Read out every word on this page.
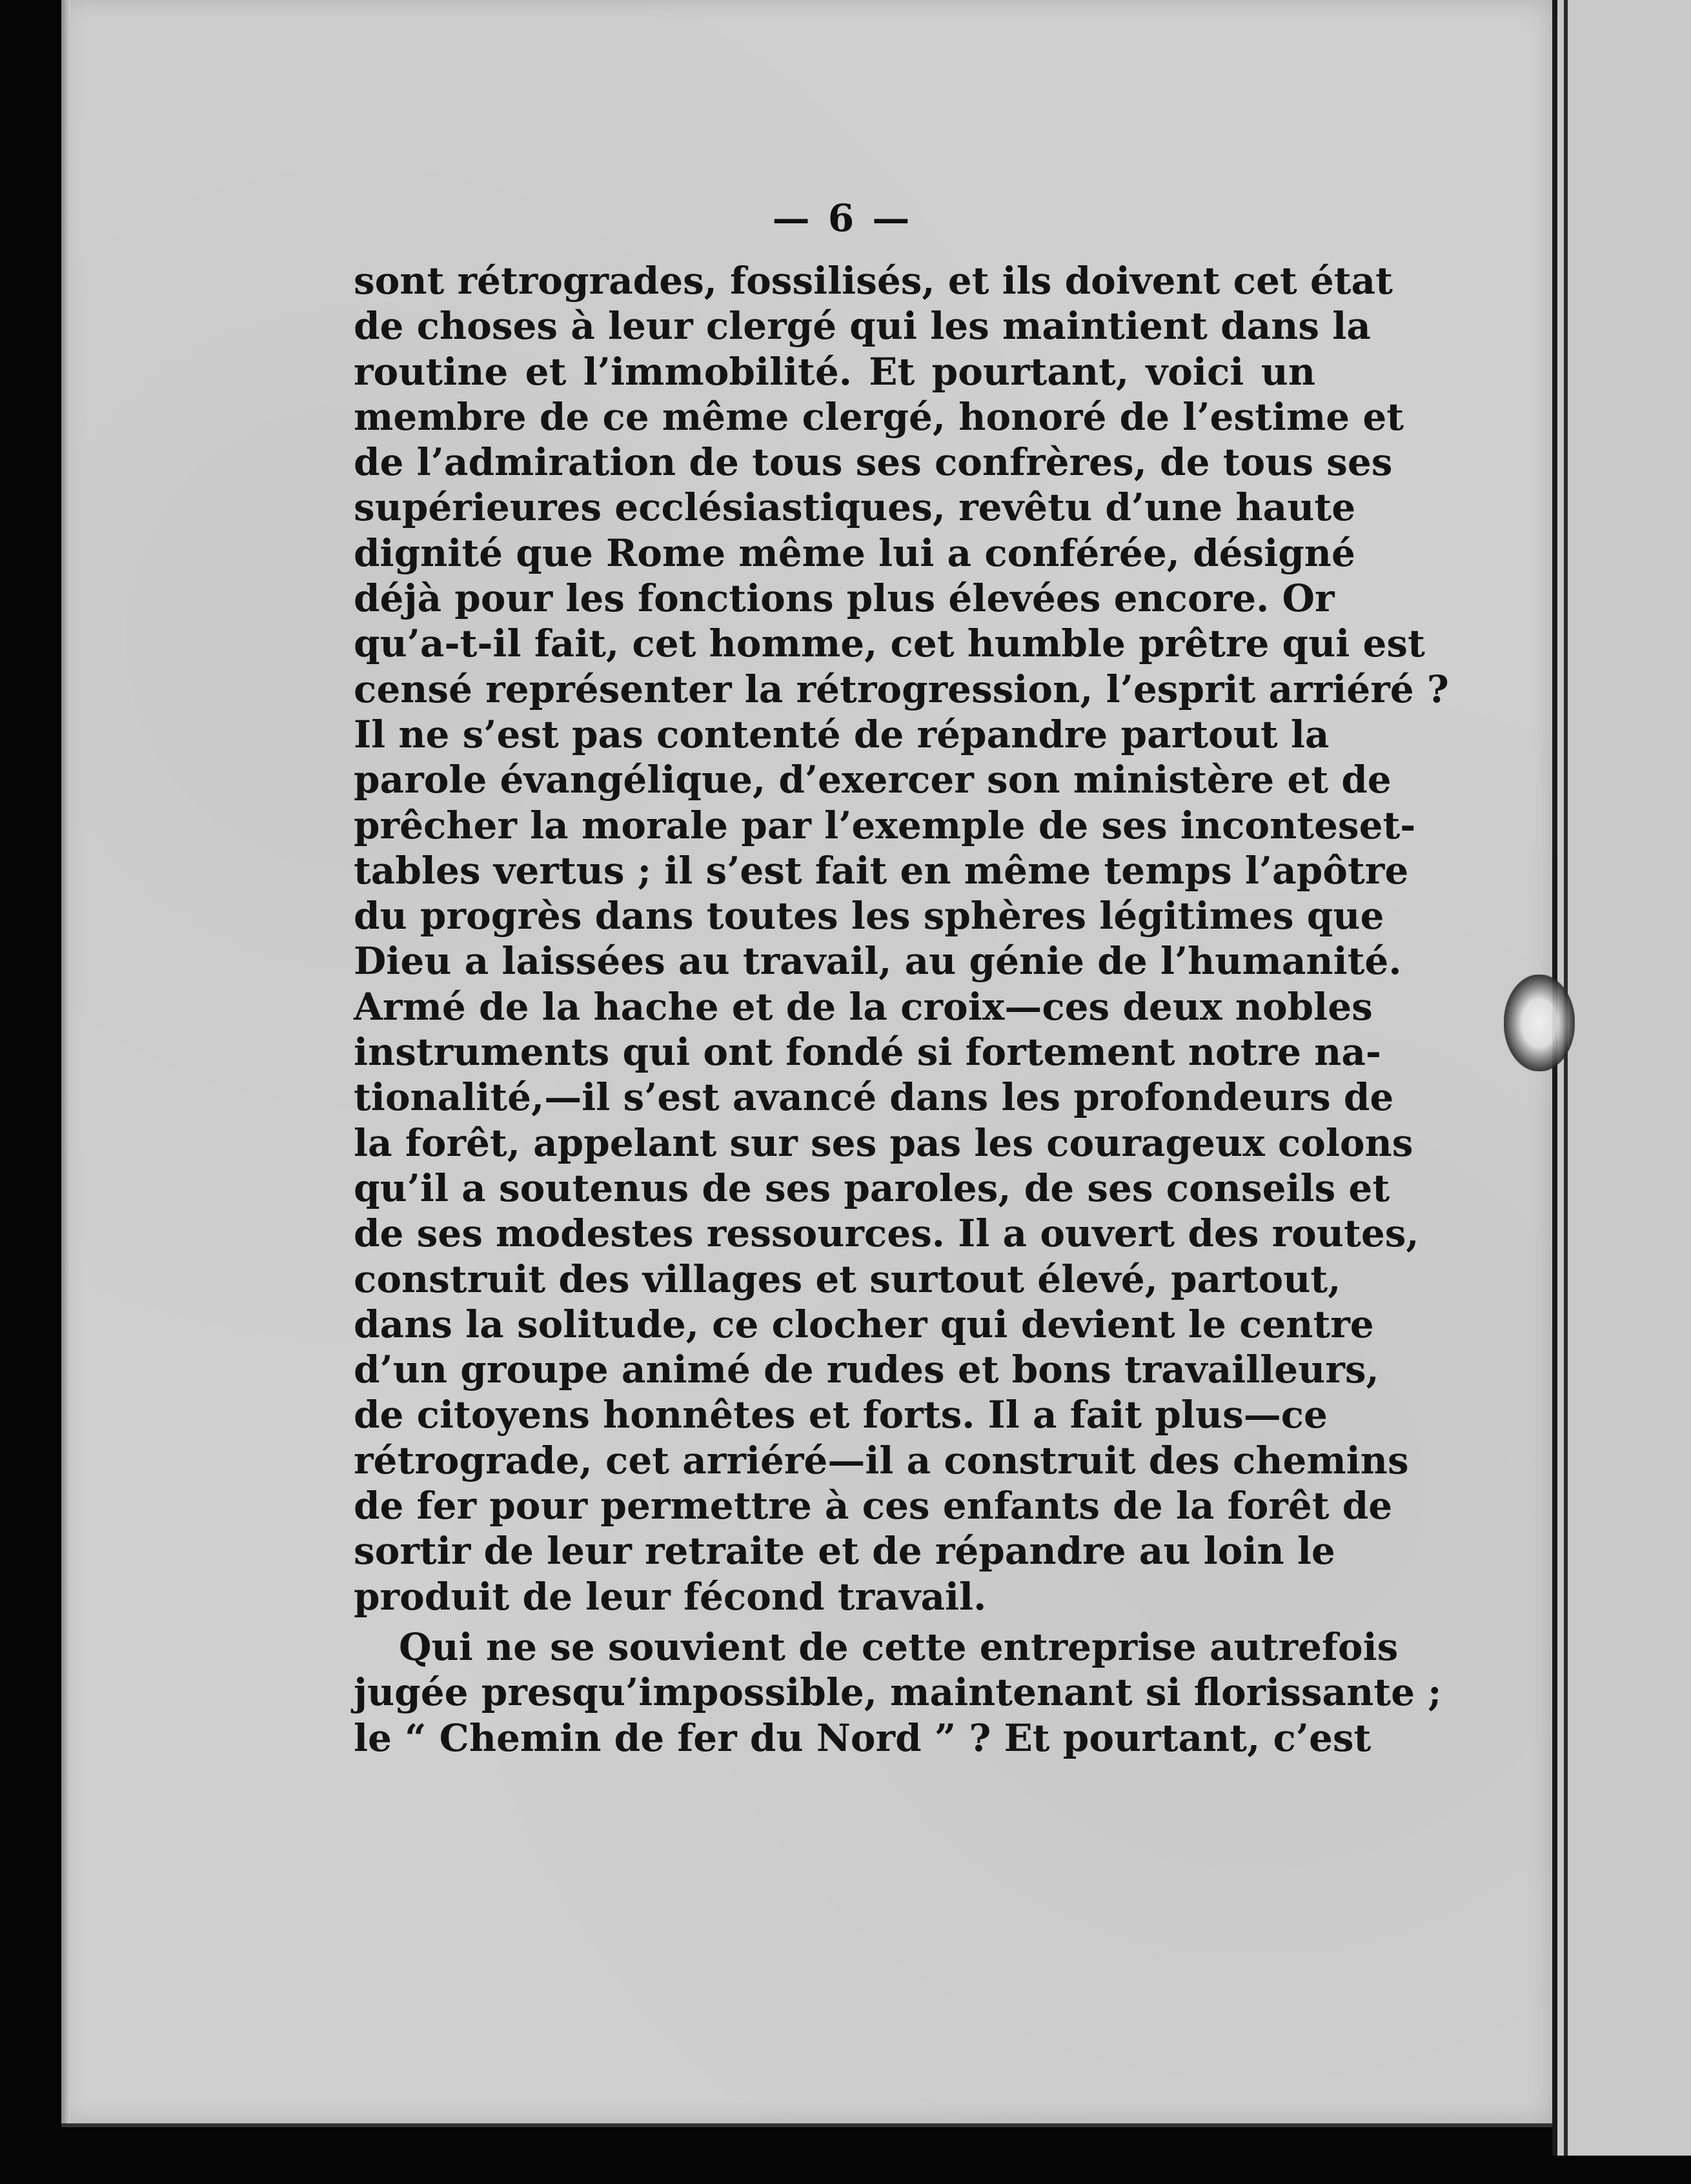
— 6 —
sont rétrogrades, fossilisés, et ils doivent cet état
de choses à leur clergé qui les maintient dans la
routine et l’immobilité. Et pourtant, voici un
membre de ce même clergé, honoré de l’estime et
de l’admiration de tous ses confrères, de tous ses
supérieures ecclésiastiques, revêtu d’une haute
dignité que Rome même lui a conférée, désigné
déjà pour les fonctions plus élevées encore. Or
qu’a-t-il fait, cet homme, cet humble prêtre qui est
censé représenter la rétrogression, l’esprit arriéré ?
Il ne s’est pas contenté de répandre partout la
parole évangélique, d’exercer son ministère et de
prêcher la morale par l’exemple de ses inconteset-
tables vertus ; il s’est fait en même temps l’apôtre
du progrès dans toutes les sphères légitimes que
Dieu a laissées au travail, au génie de l’humanité.
Armé de la hache et de la croix—ces deux nobles
instruments qui ont fondé si fortement notre na-
tionalité,—il s’est avancé dans les profondeurs de
la forêt, appelant sur ses pas les courageux colons
qu’il a soutenus de ses paroles, de ses conseils et
de ses modestes ressources. Il a ouvert des routes,
construit des villages et surtout élevé, partout,
dans la solitude, ce clocher qui devient le centre
d’un groupe animé de rudes et bons travailleurs,
de citoyens honnêtes et forts. Il a fait plus—ce
rétrograde, cet arriéré—il a construit des chemins
de fer pour permettre à ces enfants de la forêt de
sortir de leur retraite et de répandre au loin le
produit de leur fécond travail.
Qui ne se souvient de cette entreprise autrefois
jugée presqu’impossible, maintenant si florissante ;
le “ Chemin de fer du Nord ” ? Et pourtant, c’est
